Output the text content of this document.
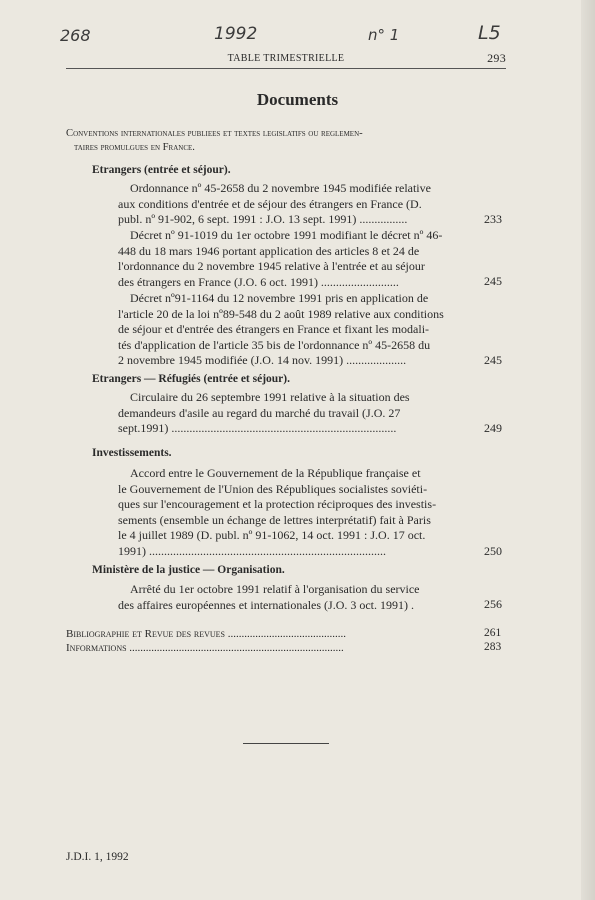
268	1992	n° 1	L5
TABLE TRIMESTRIELLE	293
Documents
Conventions internationales publiees et textes legislatifs ou reglemen-
taires promulgues en France.
Etrangers (entrée et séjour).
Ordonnance nº 45-2658 du 2 novembre 1945 modifiée relative
aux conditions d'entrée et de séjour des étrangers en France (D.
publ. nº 91-902, 6 sept. 1991 : J.O. 13 sept. 1991) ................	233
Décret nº 91-1019 du 1er octobre 1991 modifiant le décret nº 46-
448 du 18 mars 1946 portant application des articles 8 et 24 de
l'ordonnance du 2 novembre 1945 relative à l'entrée et au séjour
des étrangers en France (J.O. 6 oct. 1991) ..........................	245
Décret nº91-1164 du 12 novembre 1991 pris en application de
l'article 20 de la loi nº89-548 du 2 août 1989 relative aux conditions
de séjour et d'entrée des étrangers en France et fixant les modali-
tés d'application de l'article 35 bis de l'ordonnance nº 45-2658 du
2 novembre 1945 modifiée (J.O. 14 nov. 1991) ....................	245
Etrangers — Réfugiés (entrée et séjour).
Circulaire du 26 septembre 1991 relative à la situation des
demandeurs d'asile au regard du marché du travail (J.O. 27
sept.1991) ...........................................................................	249
Investissements.
Accord entre le Gouvernement de la République française et
le Gouvernement de l'Union des Républiques socialistes soviéti-
ques sur l'encouragement et la protection réciproques des investis-
sements (ensemble un échange de lettres interprétatif) fait à Paris
le 4 juillet 1989 (D. publ. nº 91-1062, 14 oct. 1991 : J.O. 17 oct.
1991) ...............................................................................	250
Ministère de la justice — Organisation.
Arrêté du 1er octobre 1991 relatif à l'organisation du service
des affaires européennes et internationales (J.O. 3 oct. 1991) .	256
Bibliographie et Revue des revues ...........................................	261
Informations ..............................................................................	283
J.D.I. 1, 1992
